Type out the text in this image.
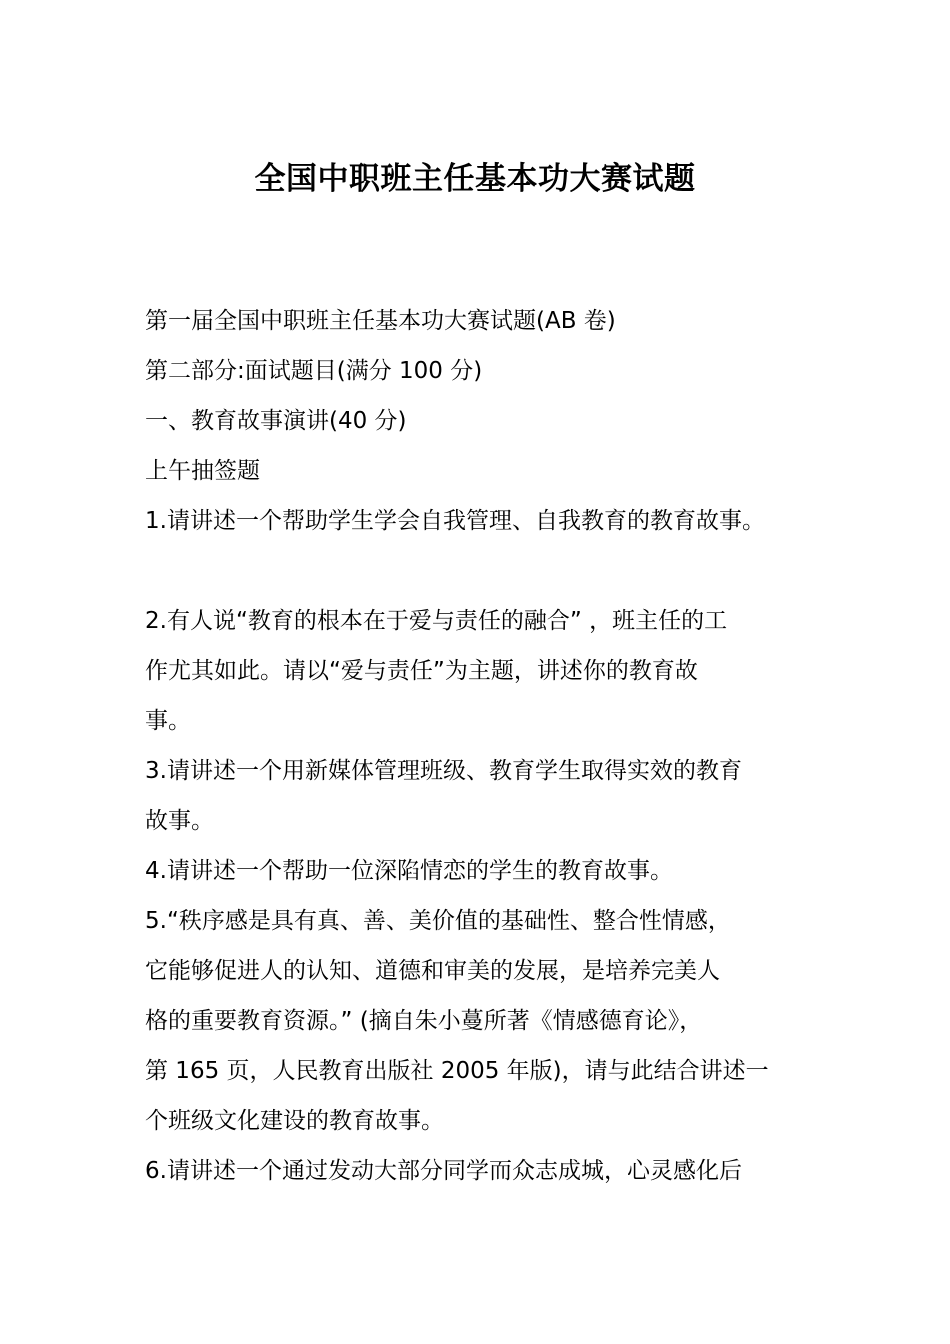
全国中职班主任基本功大赛试题
第一届全国中职班主任基本功大赛试题(AB 卷)
第二部分:面试题目(满分 100 分)
一、教育故事演讲(40 分)
上午抽签题
1.请讲述一个帮助学生学会自我管理、自我教育的教育故事。
2.有人说“教育的根本在于爱与责任的融合” ，班主任的工
作尤其如此。请以“爱与责任”为主题，讲述你的教育故
事。
3.请讲述一个用新媒体管理班级、教育学生取得实效的教育
故事。
4.请讲述一个帮助一位深陷情恋的学生的教育故事。
5.“秩序感是具有真、善、美价值的基础性、整合性情感，
它能够促进人的认知、道德和审美的发展，是培养完美人
格的重要教育资源。” (摘自朱小蔓所著《情感德育论》，
第 165 页，人民教育出版社 2005 年版)，请与此结合讲述一
个班级文化建设的教育故事。
6.请讲述一个通过发动大部分同学而众志成城，心灵感化后
